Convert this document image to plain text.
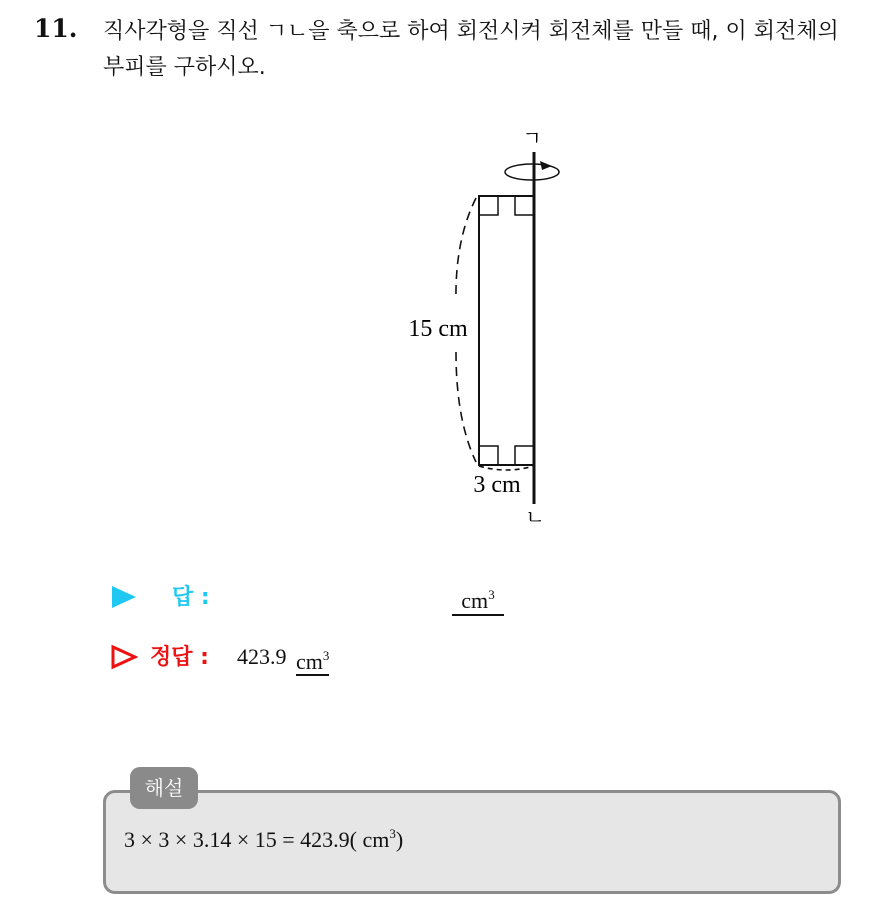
11. 직사각형을 직선 ㄱㄴ을 축으로 하여 회전시켜 회전체를 만들 때, 이 회전체의 부피를 구하시오.
ㄱ
ㄴ
15 cm
3 cm
답 :	$cm^3$
정답 : 423.9 $cm^3$
해설
3 × 3 × 3.14 × 15 = 423.9( $cm^3$)
